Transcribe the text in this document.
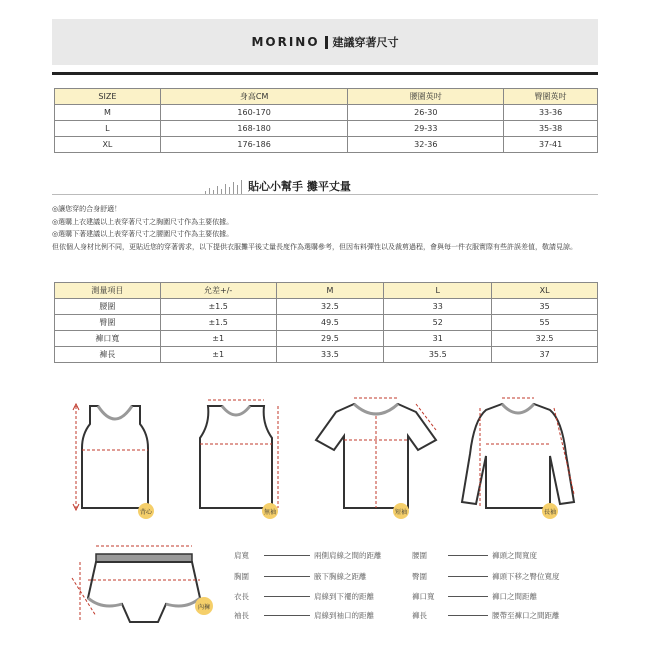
MORINO 建議穿著尺寸
SIZE	身高CM	腰圍英吋	臀圍英吋
M	160-170	26-30	33-36
L	168-180	29-33	35-38
XL	176-186	32-36	37-41
貼心小幫手 攤平丈量

◎讓您穿的合身舒適！

◎選購上衣建議以上表穿著尺寸之胸圍尺寸作為主要依據。

◎選購下著建議以上表穿著尺寸之腰圍尺寸作為主要依據。

但依個人身材比例不同，更貼近您的穿著需求，以下提供衣服攤平後丈量長度作為選購參考，但因布料彈性以及裁剪過程，會與每一件衣服實際有些許誤差值，敬請見諒。

測量項目	允差+/-	M	L	XL
腰圍	±1.5	32.5	33	35
臀圍	±1.5	49.5	52	55
褲口寬	±1	29.5	31	32.5
褲長	±1	33.5	35.5	37
背心	無袖	短袖	長袖
內褲
肩寬	兩側肩線之間的距離
胸圍	腋下胸線之距離
衣長	肩線到下襬的距離
袖長	肩線到袖口的距離
腰圍	褲頭之間寬度
臀圍	褲頭下移之臀位寬度
褲口寬	褲口之間距離
褲長	腰帶至褲口之間距離
